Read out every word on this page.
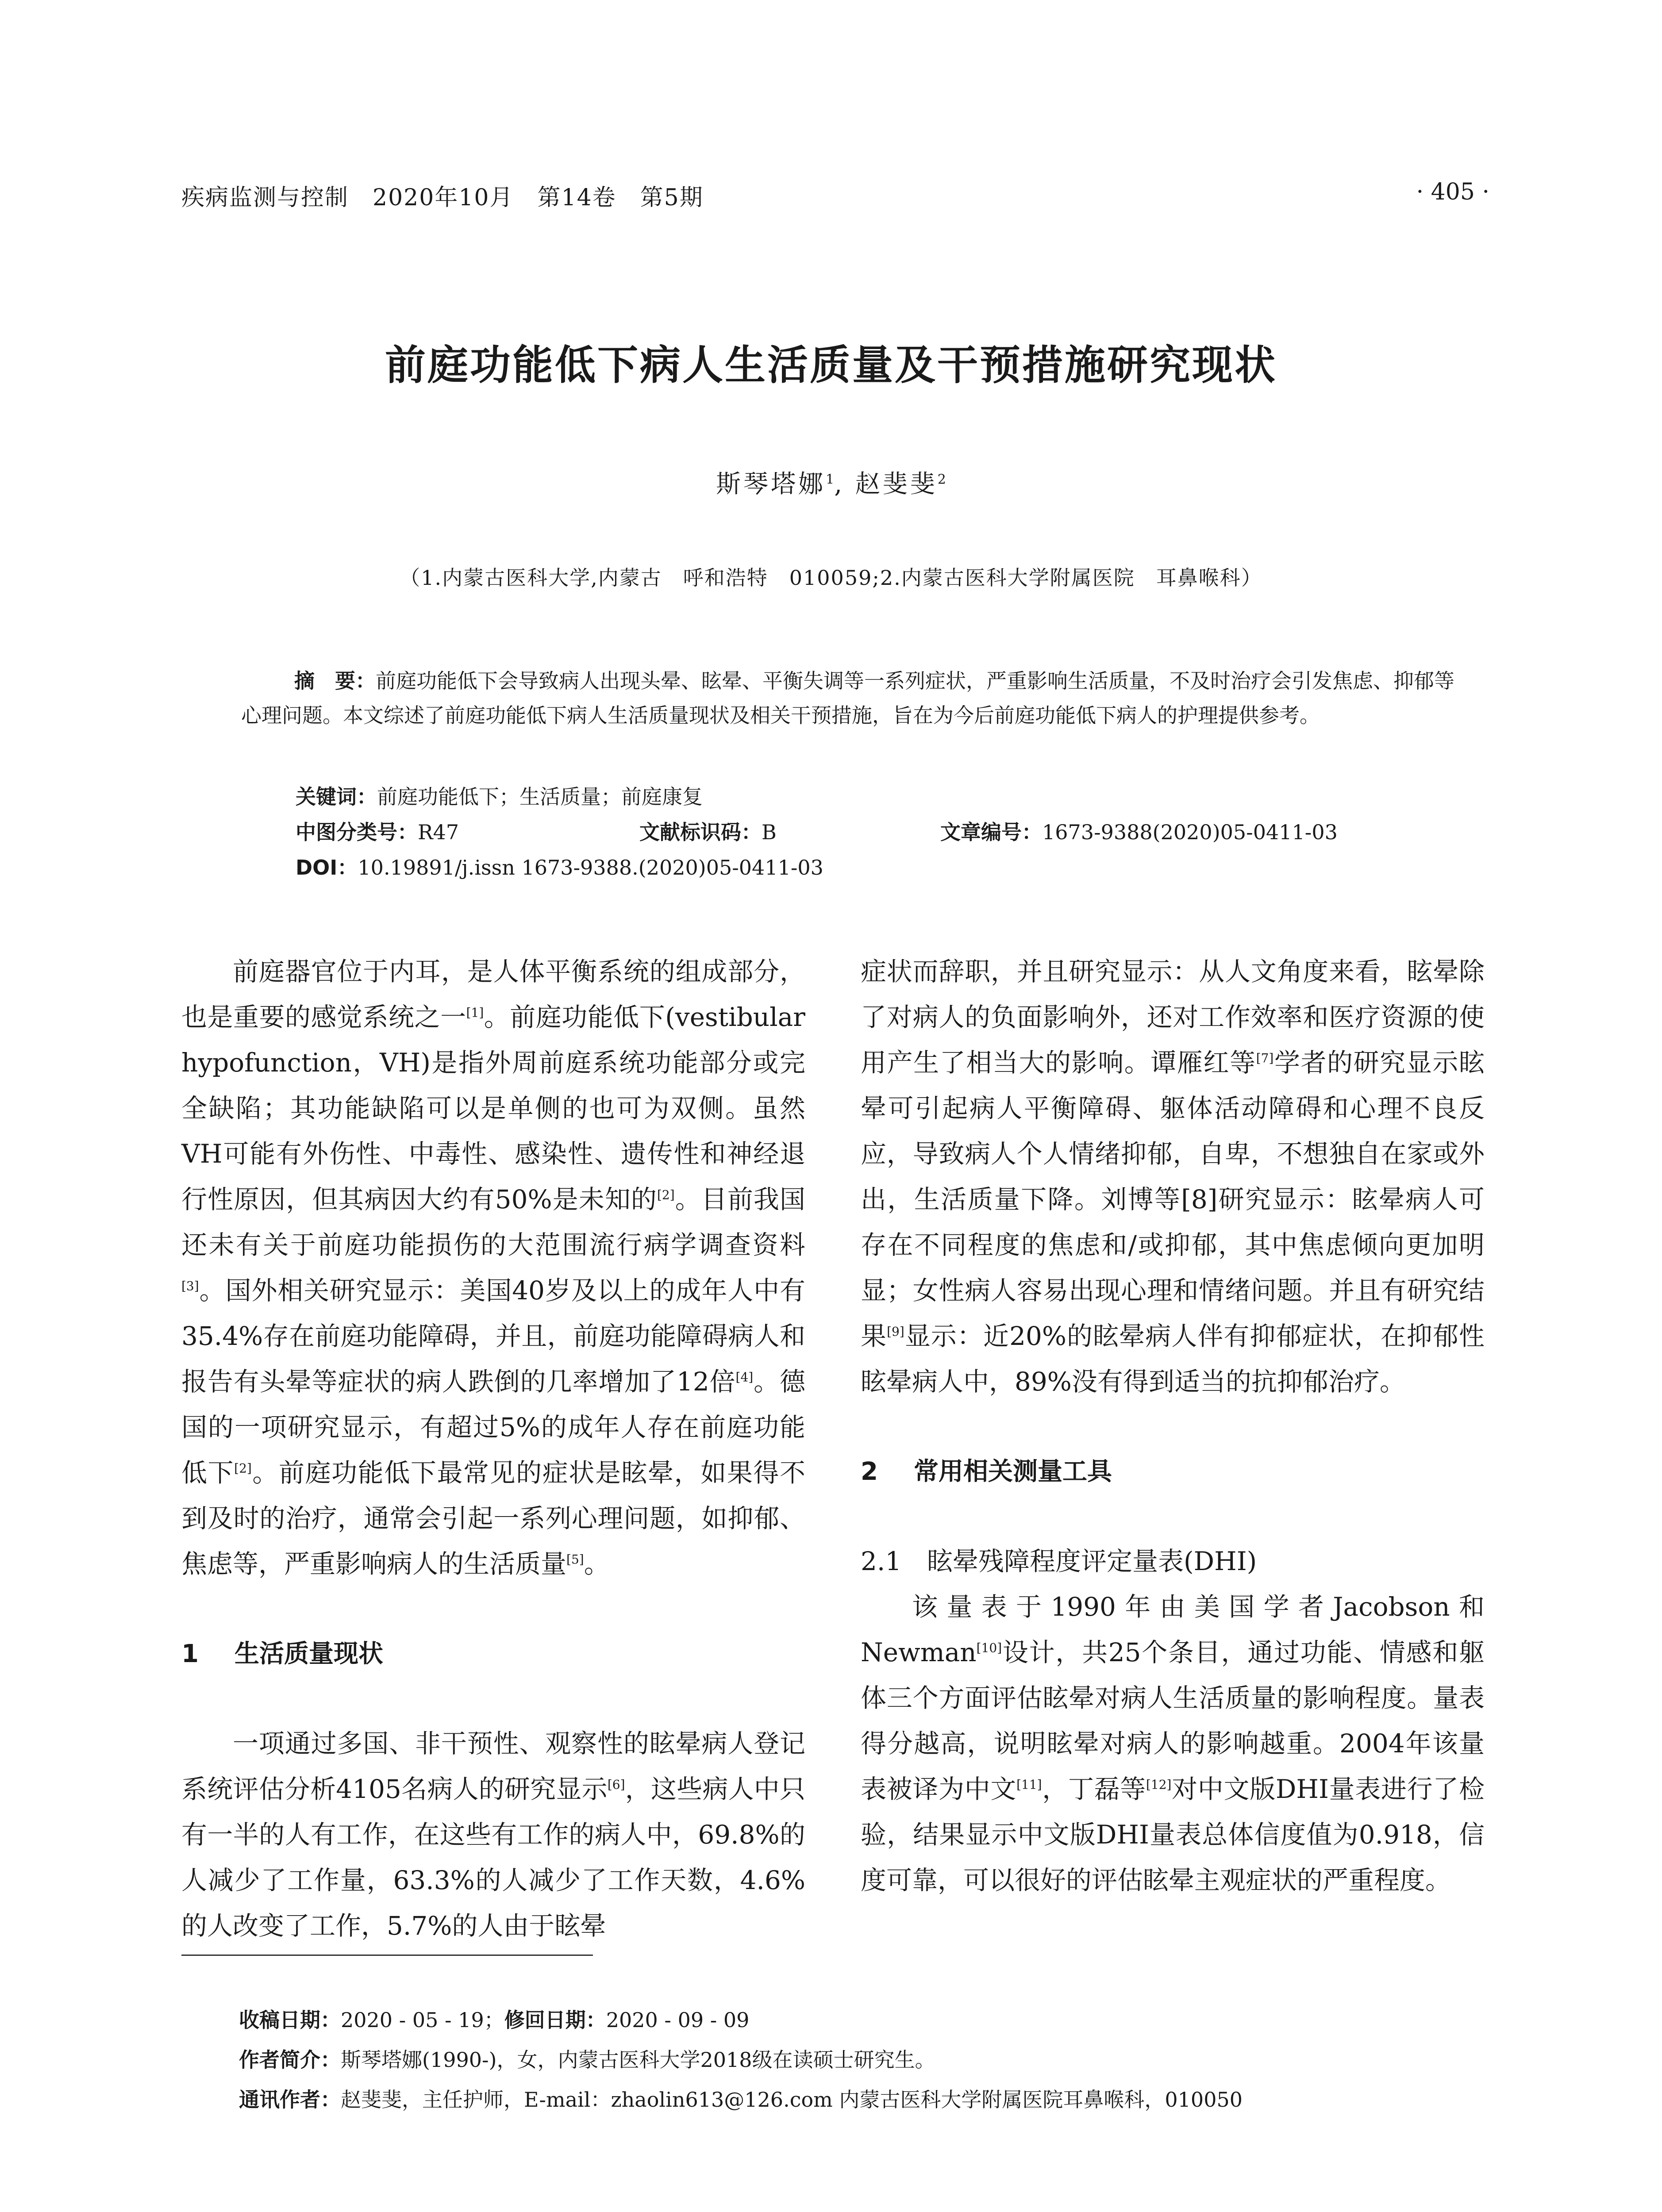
疾病监测与控制　2020年10月　第14卷　第5期	· 405 ·
前庭功能低下病人生活质量及干预措施研究现状
斯琴塔娜$^1$, 赵斐斐$^2$
（1.内蒙古医科大学,内蒙古　呼和浩特　010059;2.内蒙古医科大学附属医院　耳鼻喉科）
摘　要：前庭功能低下会导致病人出现头晕、眩晕、平衡失调等一系列症状，严重影响生活质量，不及时治疗会引发焦虑、抑郁等心理问题。本文综述了前庭功能低下病人生活质量现状及相关干预措施，旨在为今后前庭功能低下病人的护理提供参考。
关键词：前庭功能低下；生活质量；前庭康复
中图分类号：R47	文献标识码：B	文章编号：1673-9388(2020)05-0411-03
DOI：10.19891/j.issn 1673-9388.(2020)05-0411-03

前庭器官位于内耳，是人体平衡系统的组成部分，也是重要的感觉系统之一[1]。前庭功能低下(vestibular hypofunction，VH)是指外周前庭系统功能部分或完全缺陷；其功能缺陷可以是单侧的也可为双侧。虽然VH可能有外伤性、中毒性、感染性、遗传性和神经退行性原因，但其病因大约有50%是未知的[2]。目前我国还未有关于前庭功能损伤的大范围流行病学调查资料[3]。国外相关研究显示：美国40岁及以上的成年人中有35.4%存在前庭功能障碍，并且，前庭功能障碍病人和报告有头晕等症状的病人跌倒的几率增加了12倍[4]。德国的一项研究显示，有超过5%的成年人存在前庭功能低下[2]。前庭功能低下最常见的症状是眩晕，如果得不到及时的治疗，通常会引起一系列心理问题，如抑郁、焦虑等，严重影响病人的生活质量[5]。

1 生活质量现状

一项通过多国、非干预性、观察性的眩晕病人登记系统评估分析4105名病人的研究显示[6]，这些病人中只有一半的人有工作，在这些有工作的病人中，69.8%的人减少了工作量，63.3%的人减少了工作天数，4.6%的人改变了工作，5.7%的人由于眩晕

症状而辞职，并且研究显示：从人文角度来看，眩晕除了对病人的负面影响外，还对工作效率和医疗资源的使用产生了相当大的影响。谭雁红等[7]学者的研究显示眩晕可引起病人平衡障碍、躯体活动障碍和心理不良反应，导致病人个人情绪抑郁，自卑，不想独自在家或外出，生活质量下降。刘博等[8]研究显示：眩晕病人可存在不同程度的焦虑和/或抑郁，其中焦虑倾向更加明显；女性病人容易出现心理和情绪问题。并且有研究结果[9]显示：近20%的眩晕病人伴有抑郁症状，在抑郁性眩晕病人中，89%没有得到适当的抗抑郁治疗。

2 常用相关测量工具

2.1 眩晕残障程度评定量表(DHI)

该量表于1990年由美国学者Jacobson和Newman[10]设计，共25个条目，通过功能、情感和躯体三个方面评估眩晕对病人生活质量的影响程度。量表得分越高，说明眩晕对病人的影响越重。2004年该量表被译为中文[11]，丁磊等[12]对中文版DHI量表进行了检验，结果显示中文版DHI量表总体信度值为0.918，信度可靠，可以很好的评估眩晕主观症状的严重程度。

收稿日期：2020 - 05 - 19；修回日期：2020 - 09 - 09
作者简介：斯琴塔娜(1990-)，女，内蒙古医科大学2018级在读硕士研究生。
通讯作者：赵斐斐，主任护师，E-mail：zhaolin613@126.com 内蒙古医科大学附属医院耳鼻喉科，010050
